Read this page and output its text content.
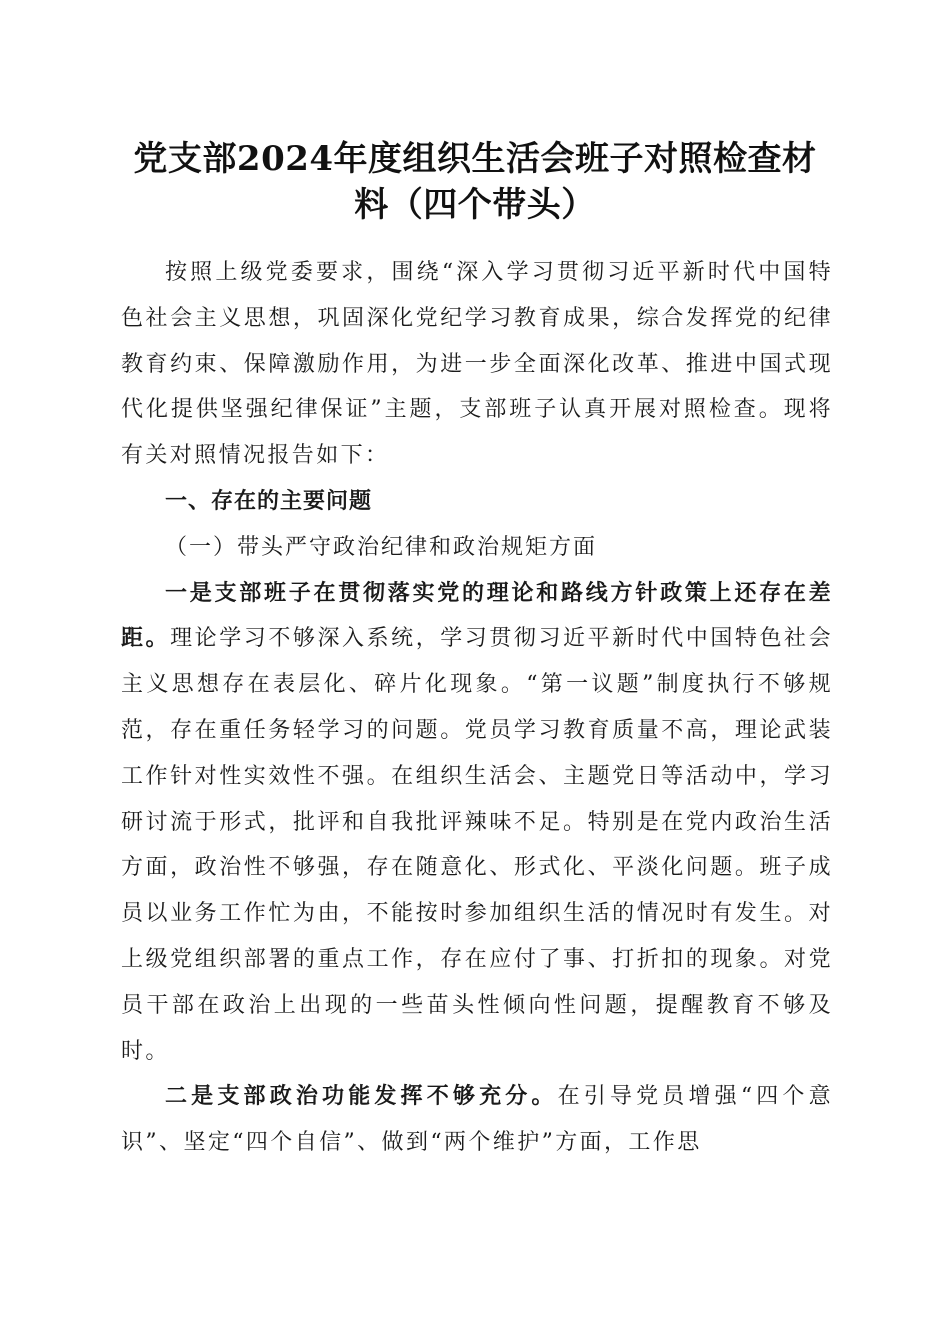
党支部2024年度组织生活会班子对照检查材
料（四个带头）

按照上级党委要求，围绕“深入学习贯彻习近平新时代中国特色社会主义思想，巩固深化党纪学习教育成果，综合发挥党的纪律教育约束、保障激励作用，为进一步全面深化改革、推进中国式现代化提供坚强纪律保证”主题，支部班子认真开展对照检查。现将有关对照情况报告如下：

一、存在的主要问题

（一）带头严守政治纪律和政治规矩方面

一是支部班子在贯彻落实党的理论和路线方针政策上还存在差距。理论学习不够深入系统，学习贯彻习近平新时代中国特色社会主义思想存在表层化、碎片化现象。“第一议题”制度执行不够规范，存在重任务轻学习的问题。党员学习教育质量不高，理论武装工作针对性实效性不强。在组织生活会、主题党日等活动中，学习研讨流于形式，批评和自我批评辣味不足。特别是在党内政治生活方面，政治性不够强，存在随意化、形式化、平淡化问题。班子成员以业务工作忙为由，不能按时参加组织生活的情况时有发生。对上级党组织部署的重点工作，存在应付了事、打折扣的现象。对党员干部在政治上出现的一些苗头性倾向性问题，提醒教育不够及时。

二是支部政治功能发挥不够充分。在引导党员增强“四个意识”、坚定“四个自信”、做到“两个维护”方面，工作思
